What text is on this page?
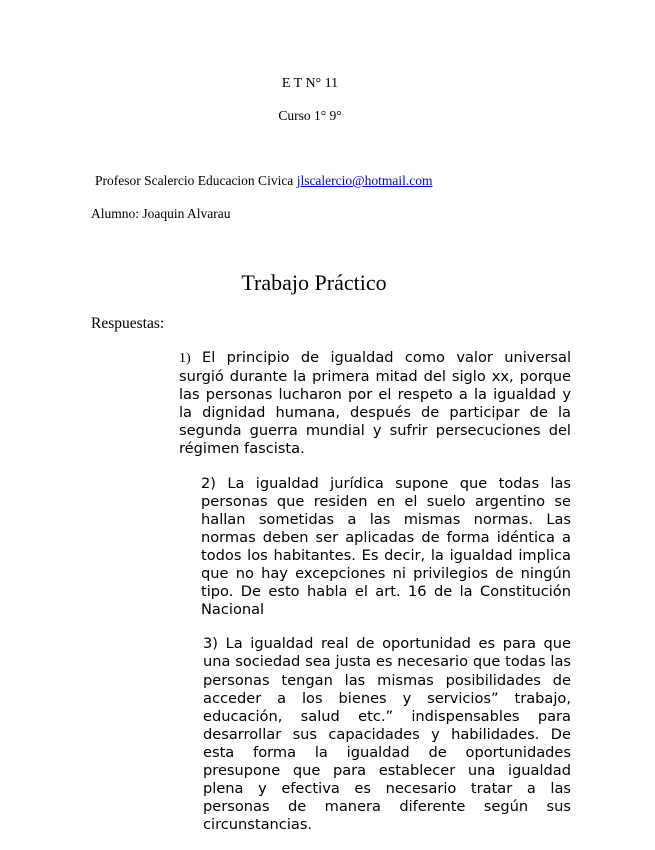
E T N° 11
Curso 1° 9°
Profesor Scalercio Educacion Civica jlscalercio@hotmail.com
Alumno: Joaquin Alvarau
Trabajo Práctico
Respuestas:

1) El principio de igualdad como valor universal surgió durante la primera mitad del siglo xx, porque las personas lucharon por el respeto a la igualdad y la dignidad humana, después de participar de la segunda guerra mundial y sufrir persecuciones del régimen fascista.

2) La igualdad jurídica supone que todas las personas que residen en el suelo argentino se hallan sometidas a las mismas normas. Las normas deben ser aplicadas de forma idéntica a todos los habitantes. Es decir, la igualdad implica que no hay excepciones ni privilegios de ningún tipo. De esto habla el art. 16 de la Constitución Nacional

3) La igualdad real de oportunidad es para que una sociedad sea justa es necesario que todas las personas tengan las mismas posibilidades de acceder a los bienes y servicios” trabajo, educación, salud etc.” indispensables para desarrollar sus capacidades y habilidades. De esta forma la igualdad de oportunidades presupone que para establecer una igualdad plena y efectiva es necesario tratar a las personas de manera diferente según sus circunstancias.
